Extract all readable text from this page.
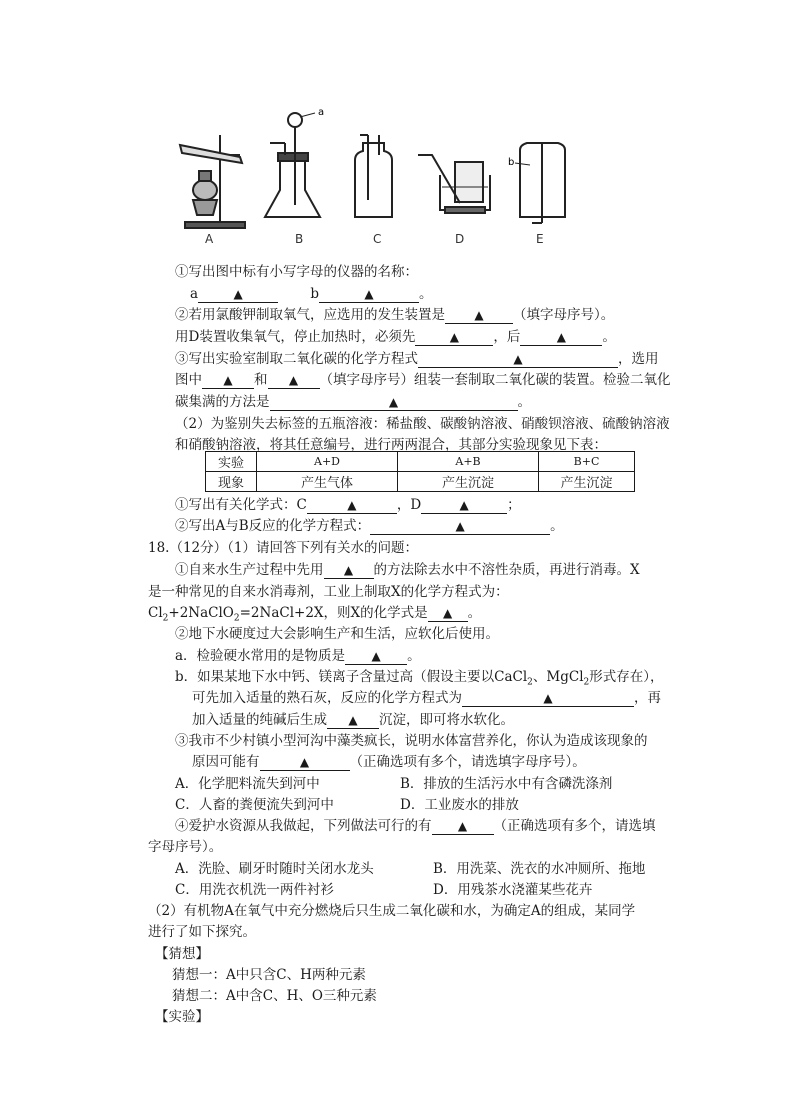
a
b
A	B	C	D	E
①写出图中标有小写字母的仪器的名称：
a	▲	b	▲	。
②若用氯酸钾制取氧气，应选用的发生装置是 ▲ （填字母序号）。
用D装置收集氧气，停止加热时，必须先	▲	，后	▲	。
③写出实验室制取二氧化碳的化学方程式	▲	，选用
图中 ▲ 和 ▲ （填字母序号）组装一套制取二氧化碳的装置。检验二氧化
碳集满的方法是	▲	。
（2）为鉴别失去标签的五瓶溶液：稀盐酸、碳酸钠溶液、硝酸钡溶液、硫酸钠溶液
和硝酸钠溶液，将其任意编号，进行两两混合，其部分实验现象见下表：
实验	A+D	A+B	B+C
现象	产生气体	产生沉淀	产生沉淀
①写出有关化学式：C	▲	，D	▲	；
②写出A与B反应的化学方程式：	▲	。
18.（12分）（1）请回答下列有关水的问题：
①自来水生产过程中先用 ▲ 的方法除去水中不溶性杂质，再进行消毒。X
是一种常见的自来水消毒剂，工业上制取X的化学方程式为：
$Cl_2+2NaClO_2=2NaCl+2X$，则X的化学式是 ▲ 。
②地下水硬度过大会影响生产和生活，应软化后使用。
a．检验硬水常用的是物质是 ▲ 。
b．如果某地下水中钙、镁离子含量过高（假设主要以CaCl$_2$、MgCl$_2$形式存在），
可先加入适量的熟石灰，反应的化学方程式为	▲	，再
加入适量的纯碱后生成 ▲ 沉淀，即可将水软化。
③我市不少村镇小型河沟中藻类疯长，说明水体富营养化，你认为造成该现象的
原因可能有	▲	（正确选项有多个，请选填字母序号）。
A．化学肥料流失到河中	B．排放的生活污水中有含磷洗涤剂
C．人畜的粪便流失到河中	D．工业废水的排放
④爱护水资源从我做起，下列做法可行的有 ▲ （正确选项有多个，请选填
字母序号）。
A．洗脸、刷牙时随时关闭水龙头	B．用洗菜、洗衣的水冲厕所、拖地
C．用洗衣机洗一两件衬衫	D．用残茶水浇灌某些花卉
（2）有机物A在氧气中充分燃烧后只生成二氧化碳和水，为确定A的组成，某同学
进行了如下探究。
【猜想】
猜想一：A中只含C、H两种元素
猜想二：A中含C、H、O三种元素
【实验】
